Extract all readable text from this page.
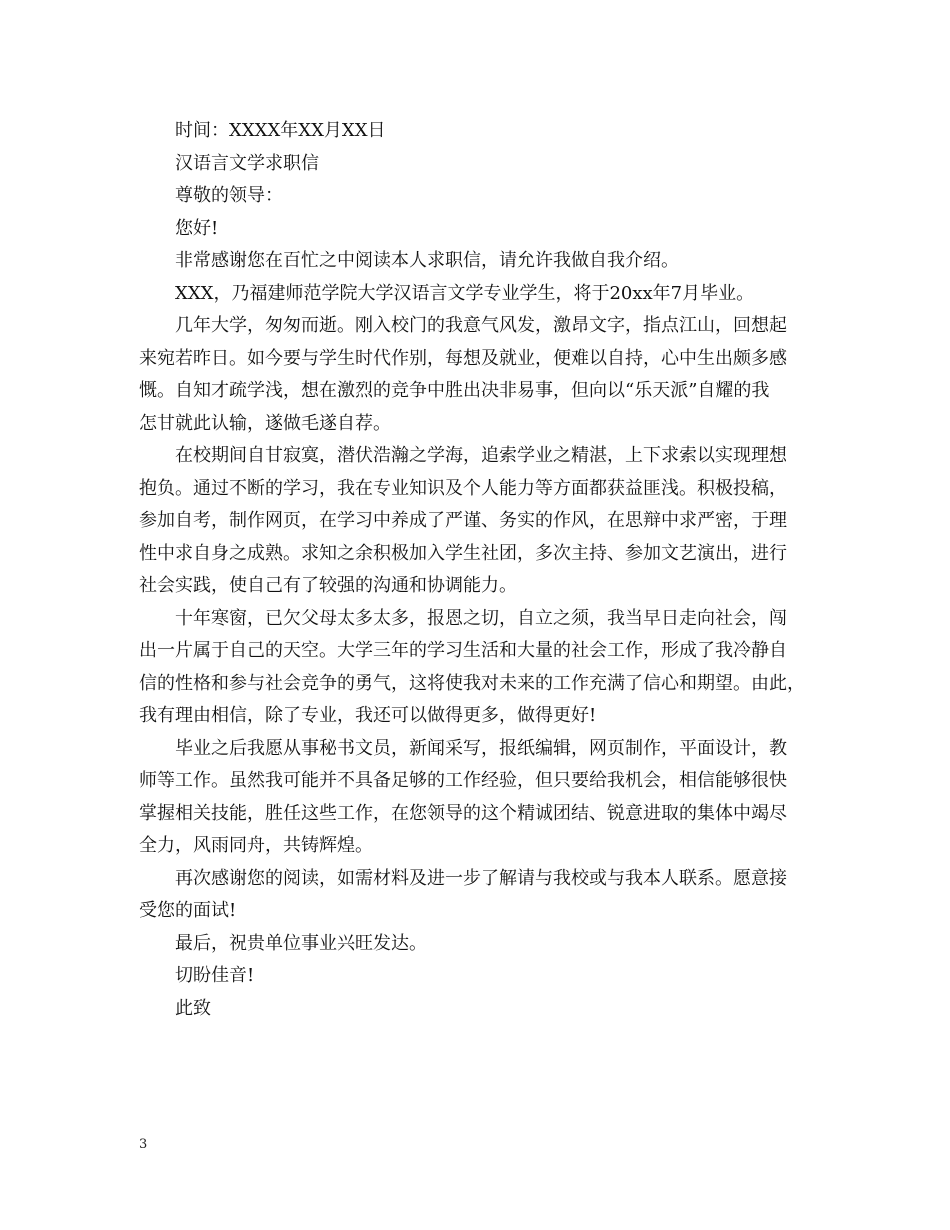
时间：XXXX年XX月XX日

汉语言文学求职信

尊敬的领导：

您好!

非常感谢您在百忙之中阅读本人求职信，请允许我做自我介绍。

XXX，乃福建师范学院大学汉语言文学专业学生，将于20xx年7月毕业。

几年大学，匆匆而逝。刚入校门的我意气风发，激昂文字，指点江山，回想起
来宛若昨日。如今要与学生时代作别，每想及就业，便难以自持，心中生出颇多感
慨。自知才疏学浅，想在激烈的竞争中胜出决非易事，但向以“乐天派”自耀的我
怎甘就此认输，遂做毛遂自荐。

在校期间自甘寂寞，潜伏浩瀚之学海，追索学业之精湛，上下求索以实现理想
抱负。通过不断的学习，我在专业知识及个人能力等方面都获益匪浅。积极投稿，
参加自考，制作网页，在学习中养成了严谨、务实的作风，在思辩中求严密，于理
性中求自身之成熟。求知之余积极加入学生社团，多次主持、参加文艺演出，进行
社会实践，使自己有了较强的沟通和协调能力。

十年寒窗，已欠父母太多太多，报恩之切，自立之须，我当早日走向社会，闯
出一片属于自己的天空。大学三年的学习生活和大量的社会工作，形成了我冷静自
信的性格和参与社会竞争的勇气，这将使我对未来的工作充满了信心和期望。由此，
我有理由相信，除了专业，我还可以做得更多，做得更好!

毕业之后我愿从事秘书文员，新闻采写，报纸编辑，网页制作，平面设计，教
师等工作。虽然我可能并不具备足够的工作经验，但只要给我机会，相信能够很快
掌握相关技能，胜任这些工作，在您领导的这个精诚团结、锐意进取的集体中竭尽
全力，风雨同舟，共铸辉煌。

再次感谢您的阅读，如需材料及进一步了解请与我校或与我本人联系。愿意接
受您的面试!

最后，祝贵单位事业兴旺发达。

切盼佳音!

此致

3
